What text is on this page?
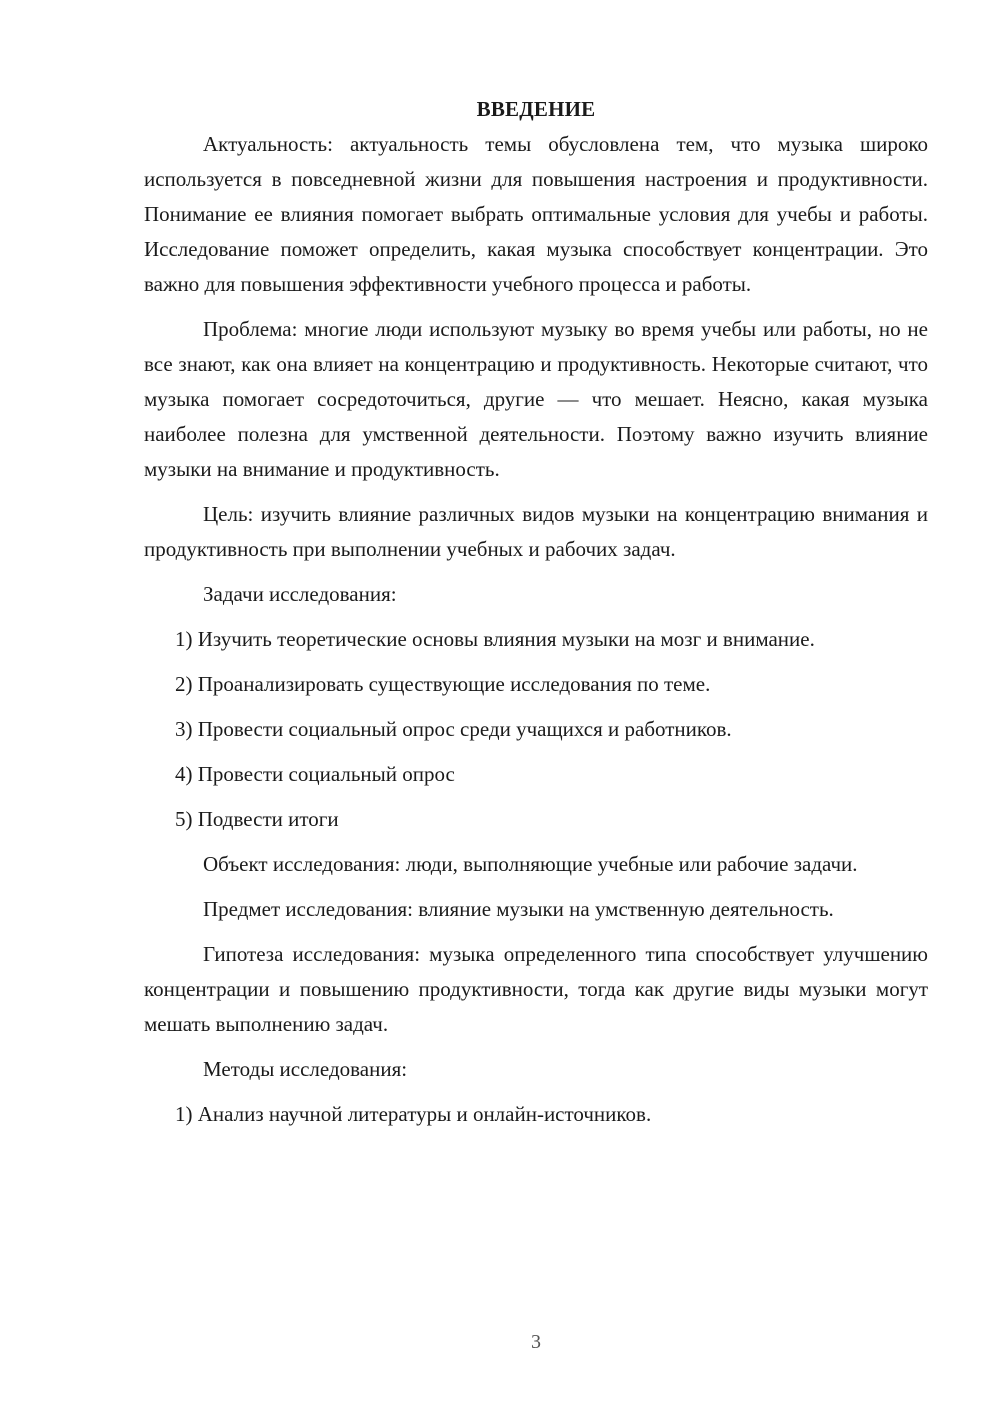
ВВЕДЕНИЕ

Актуальность: актуальность темы обусловлена тем, что музыка широко используется в повседневной жизни для повышения настроения и продуктивности. Понимание ее влияния помогает выбрать оптимальные условия для учебы и работы. Исследование поможет определить, какая музыка способствует концентрации. Это важно для повышения эффективности учебного процесса и работы.

Проблема: многие люди используют музыку во время учебы или работы, но не все знают, как она влияет на концентрацию и продуктивность. Некоторые считают, что музыка помогает сосредоточиться, другие — что мешает. Неясно, какая музыка наиболее полезна для умственной деятельности. Поэтому важно изучить влияние музыки на внимание и продуктивность.

Цель: изучить влияние различных видов музыки на концентрацию внимания и продуктивность при выполнении учебных и рабочих задач.

Задачи исследования:
1) Изучить теоретические основы влияния музыки на мозг и внимание.
2) Проанализировать существующие исследования по теме.
3) Провести социальный опрос среди учащихся и работников.
4) Провести социальный опрос
5) Подвести итоги

Объект исследования: люди, выполняющие учебные или рабочие задачи.

Предмет исследования: влияние музыки на умственную деятельность.

Гипотеза исследования: музыка определенного типа способствует улучшению концентрации и повышению продуктивности, тогда как другие виды музыки могут мешать выполнению задач.

Методы исследования:
1) Анализ научной литературы и онлайн-источников.
3
